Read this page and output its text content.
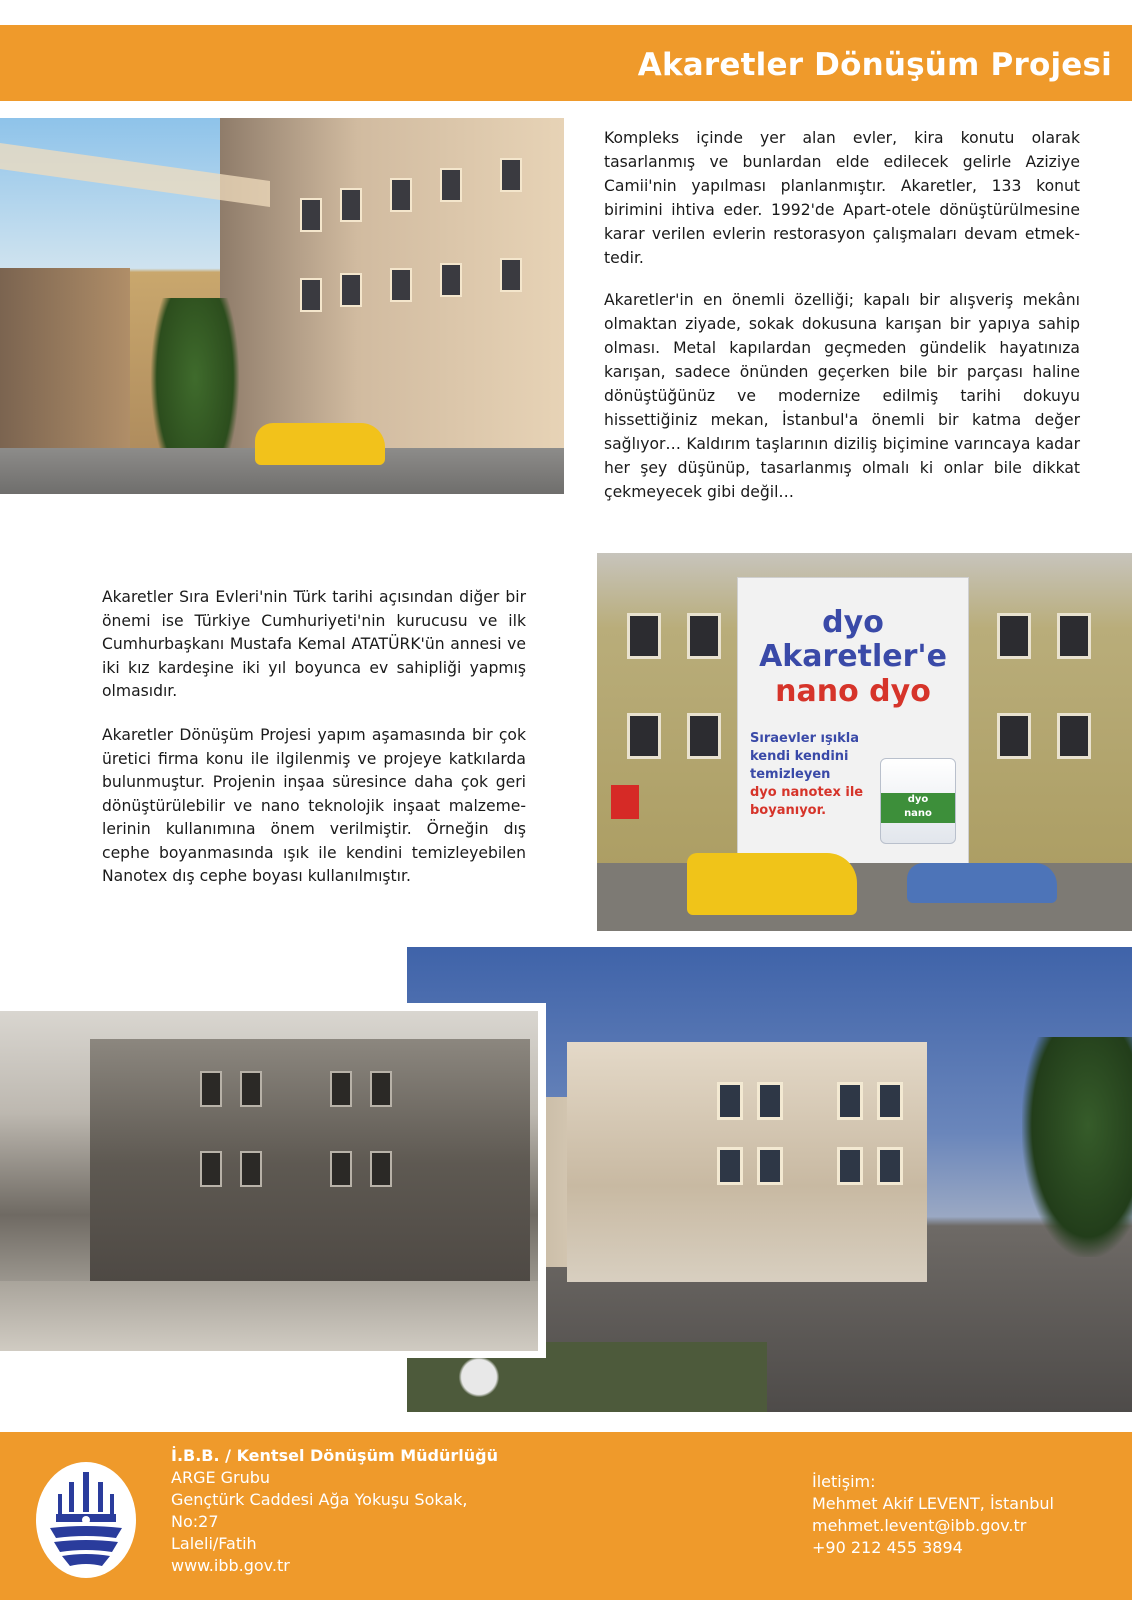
Akaretler Dönüşüm Projesi

Kompleks içinde yer alan evler, kira konutu olarak tasarlanmış ve bunlardan elde edilecek gelirle Aziziye Camii'nin yapılması planlanmıştır. Akaretler, 133 konut birimini ihtiva eder. 1992'de Apart-otele dönüştürülmesine karar verilen evlerin restorasyon çalışmaları devam etmek-tedir.

Akaretler'in en önemli özelliği; kapalı bir alışveriş mekânı olmaktan ziyade, sokak dokusuna karışan bir yapıya sahip olması. Metal kapılardan geçmeden gündelik hayatınıza karışan, sadece önünden geçerken bile bir parçası haline dönüştüğünüz ve modernize edilmiş tarihi dokuyu hissettiğiniz mekan, İstanbul'a önemli bir katma değer sağlıyor… Kaldırım taşlarının diziliş biçimine varıncaya kadar her şey düşünüp, tasarlanmış olmalı ki onlar bile dikkat çekmeyecek gibi değil…

Akaretler Sıra Evleri'nin Türk tarihi açısından diğer bir önemi ise Türkiye Cumhuriyeti'nin kurucusu ve ilk Cumhurbaşkanı Mustafa Kemal ATATÜRK'ün annesi ve iki kız kardeşine iki yıl boyunca ev sahipliği yapmış olmasıdır.

Akaretler Dönüşüm Projesi yapım aşamasında bir çok üretici firma konu ile ilgilenmiş ve projeye katkılarda bulunmuştur. Projenin inşaa süresince daha çok geri dönüştürülebilir ve nano teknolojik inşaat malzeme-lerinin kullanımına önem verilmiştir. Örneğin dış cephe boyanmasında ışık ile kendini temizleyebilen Nanotex dış cephe boyası kullanılmıştır.

dyo
Akaretler'e
nano dyo
Sıraevler ışıkla
kendi kendini
temizleyen
dyo nanotex ile
boyanıyor.
dyo
nano
İ.B.B. / Kentsel Dönüşüm Müdürlüğü
ARGE Grubu
Gençtürk Caddesi Ağa Yokuşu Sokak,
No:27
Laleli/Fatih
www.ibb.gov.tr
İletişim:
Mehmet Akif LEVENT, İstanbul
mehmet.levent@ibb.gov.tr
+90 212 455 3894
